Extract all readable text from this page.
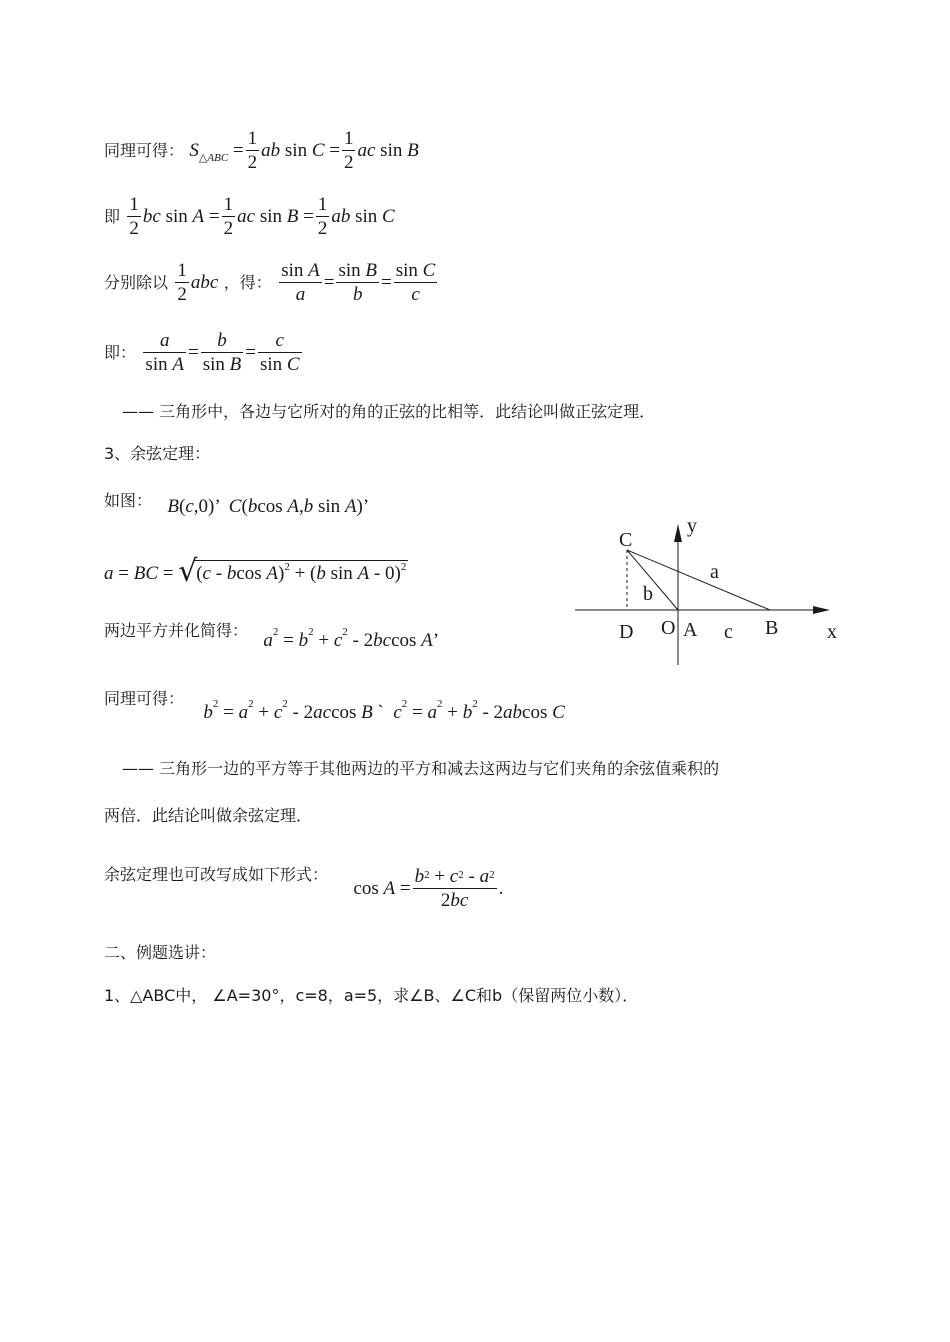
同理可得： $S_{\triangle ABC} = \frac{1}{2}$ ab $\sin C = \frac{1}{2}$ ac sin B
即 $\frac{1}{2}$ bc $\sin A = \frac{1}{2}$ ac $\sin B = \frac{1}{2}$ ab sin C
分别除以 $\frac{1}{2}$ abc ，得： $\frac{\text{sin A}}{a} = \frac{\text{sin B}}{b} = \frac{\text{sin C}}{c}$
即： $\frac{a}{\text{sin A}} = \frac{b}{\text{sin B}} = \frac{c}{\text{sin C}}$
—— 三角形中，各边与它所对的角的正弦的比相等．此结论叫做正弦定理．
3、余弦定理：
如图： B(c,0)’  C(bcos A,b sin A)’
a = BC = √
(c - bcos A)$^2$ + (b sin A - 0)$^2$
两边平方并化简得： $a^2 = b^2 + c^2 - 2bccos$ A’
同理可得： $b^2 = a^2 + c^2 - 2accos$ B `  $c^2 = a^2 + b^2 - 2abcos$ C
—— 三角形一边的平方等于其他两边的平方和减去这两边与它们夹角的余弦值乘积的
两倍．此结论叫做余弦定理．
余弦定理也可改写成如下形式： $\cos A = \frac{b^2 + c^2 - a^2}{2bc}$ .
二、例题选讲：
1、△ABC中， ∠A=30°，c=8，a=5，求∠B、∠C和b（保留两位小数）．
C
y
a
b
D O A c B x
